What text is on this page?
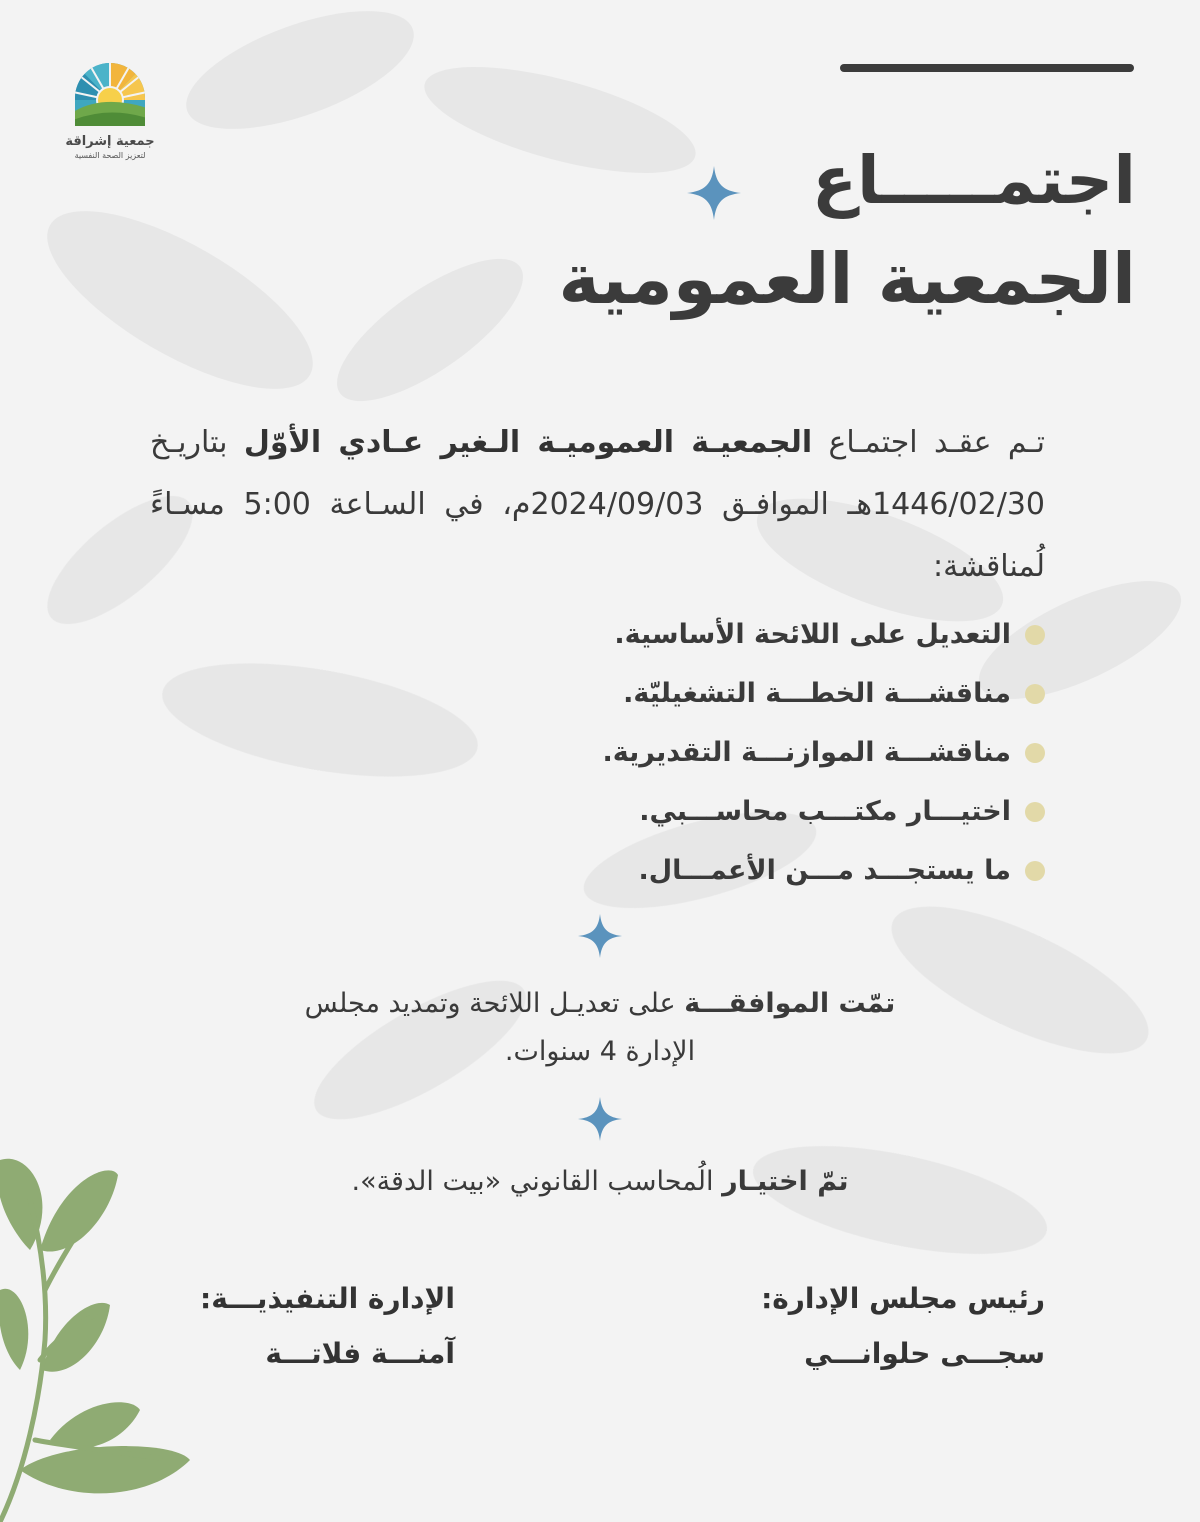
جمعية إشراقة
لتعزيز الصحة النفسية	اجتمـــــاع
الجمعية العمومية

تـم عقـد اجتمـاع الجمعيـة العموميـة الـغير عـادي الأوّل بتاريـخ 1446/02/30هـ الموافـق 2024/09/03م، في السـاعة 5:00 مسـاءً لُمناقشة:

التعديل على اللائحة الأساسية.
مناقشـــة الخطـــة التشغيليّة.
مناقشـــة الموازنـــة التقديرية.
اختيـــار مكتـــب محاســـبي.
ما يستجـــد مـــن الأعمـــال.

تمّت الموافقـــة على تعديـل اللائحة وتمديد مجلس الإدارة 4 سنوات.

تمّ اختيـار الُمحاسب القانوني «بيت الدقة».

رئيس مجلس الإدارة:
سجـــى حلوانـــي
الإدارة التنفيذيـــة:
آمنـــة فلاتـــة
